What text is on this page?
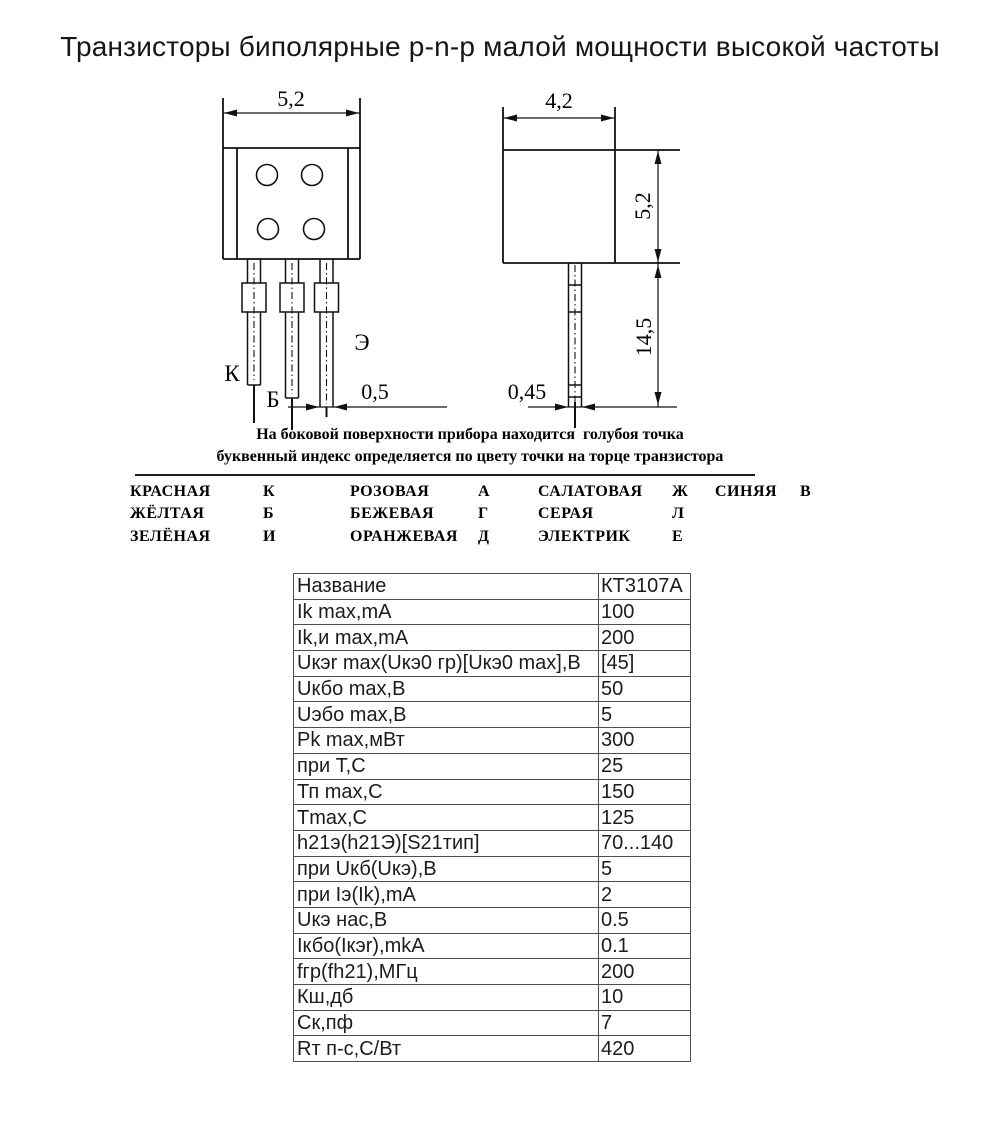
Транзисторы биполярные p-n-p малой мощности высокой частоты
5,2
К
Б
Э
0,5
4,2
5,2
14,5
0,45
На боковой поверхности прибора находится  голубоя точка
буквенный индекс определяется по цвету точки на торце транзистора
КРАСНАЯ	К	РОЗОВАЯ	А	САЛАТОВАЯ Ж СИНЯЯ В
ЖЁЛТАЯ	Б	БЕЖЕВАЯ	Г	СЕРАЯ	Л
ЗЕЛЁНАЯ	И	ОРАНЖЕВАЯ Д	ЭЛЕКТРИК	Е
Название	КТ3107А
Ik max,mA	100
Ik,и max,mA	200
Uкэr max(Uкэ0 гр)[Uкэ0 max],В	[45]
Uкбо max,В	50
Uэбо max,В	5
Pk max,мВт	300
при T,C	25
Тп max,C	150
Tmax,C	125
h21э(h21Э)[S21тип]	70...140
при Uкб(Uкэ),В	5
при Iэ(Ik),mA	2
Uкэ нас,В	0.5
Iкбо(Iкэr),mkA	0.1
fгр(fh21),МГц	200
Кш,дб	10
Ск,пф	7
Rт п-с,С/Вт	420
